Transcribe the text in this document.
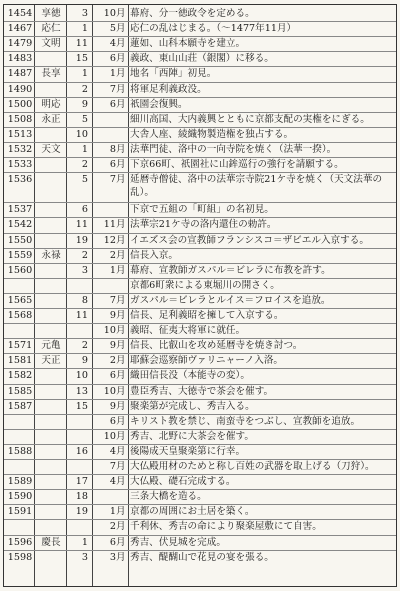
1454 享徳	3	10 月 幕府、分一徳政令を定める。
1467 応仁	1	5 月 応仁の乱はじまる。（〜1477年11月）
1479 文明	11	4 月 蓮如、山科本願寺を建立。
1483	15	6 月 義政、東山山荘（銀閣）に移る。
1487 長享	1	1 月 地名「西陣」初見。
1490	2	7 月 将軍足利義政没。
1500 明応	9	6 月 祇園会復興。
1508 永正	5	細川高国、大内義興とともに京都支配の実権をにぎる。
1513	10	大舎人座、綾織物製造権を独占する。
1532 天文	1	8 月 法華門徒、洛中の一向寺院を焼く（法華一揆）。
1533	2	6 月 下京66町、祇園社に山鉾巡行の強行を請願する。
1536	5	7 月 延暦寺僧徒、洛中の法華宗寺院21ケ寺を焼く（天文法華の乱）。
1537	6	下京で五組の「町組」の名初見。
1542	11	11 月 法華宗21ケ寺の洛内還住の勅許。
1550	19	12 月 イエズス会の宣教師フランシスコ＝ザビエル入京する。
1559 永禄	2	2 月 信長入京。
1560	3	1 月 幕府、宣教師ガスパル＝ビレラに布教を許す。
京都6町衆による東堀川の開さく。
1565	8	7 月 ガスパル＝ビレラとルイス＝フロイスを追放。
1568	11	9 月 信長、足利義昭を擁して入京する。
10 月 義昭、征夷大将軍に就任。
1571 元亀	2	9 月 信長、比叡山を攻め延暦寺を焼き討つ。
1581 天正	9	2 月 耶蘇会巡察師ヴァリニャーノ入洛。
1582	10	6 月 織田信長没（本能寺の変）。
1585	13	10 月 豊臣秀吉、大徳寺で茶会を催す。
1587	15	9 月 聚楽第が完成し、秀吉入る。
6 月 キリスト教を禁じ、南蛮寺をつぶし、宣教師を追放。
10 月 秀吉、北野に大茶会を催す。
1588	16	4 月 後陽成天皇聚楽第に行幸。
7 月 大仏殿用材のためと称し百姓の武器を取上げる（刀狩）。
1589	17	4 月 大仏殿、礎石完成する。
1590	18	三条大橋を造る。
1591	19	1 月 京都の周囲にお土居を築く。
2 月 千利休、秀吉の命により聚楽屋敷にて自害。
1596 慶長	1	6 月 秀吉、伏見城を完成。
1598	3	3 月 秀吉、醍醐山で花見の宴を張る。
